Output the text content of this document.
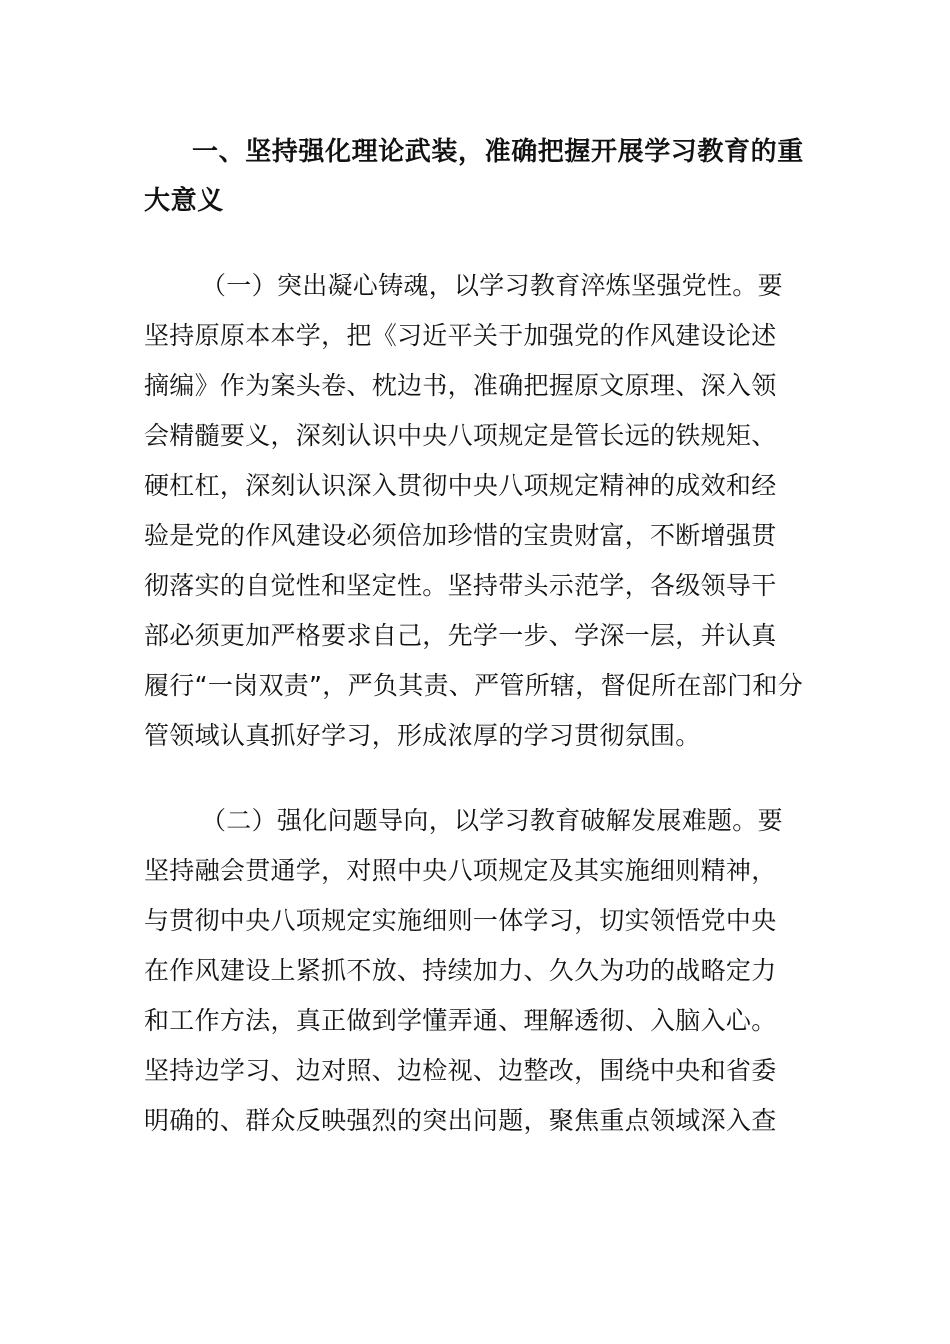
一、坚持强化理论武装，准确把握开展学习教育的重
大意义
（一）突出凝心铸魂，以学习教育淬炼坚强党性。要
坚持原原本本学，把《习近平关于加强党的作风建设论述
摘编》作为案头卷、枕边书，准确把握原文原理、深入领
会精髓要义，深刻认识中央八项规定是管长远的铁规矩、
硬杠杠，深刻认识深入贯彻中央八项规定精神的成效和经
验是党的作风建设必须倍加珍惜的宝贵财富，不断增强贯
彻落实的自觉性和坚定性。坚持带头示范学，各级领导干
部必须更加严格要求自己，先学一步、学深一层，并认真
履行“一岗双责”，严负其责、严管所辖，督促所在部门和分
管领域认真抓好学习，形成浓厚的学习贯彻氛围。
（二）强化问题导向，以学习教育破解发展难题。要
坚持融会贯通学，对照中央八项规定及其实施细则精神，
与贯彻中央八项规定实施细则一体学习，切实领悟党中央
在作风建设上紧抓不放、持续加力、久久为功的战略定力
和工作方法，真正做到学懂弄通、理解透彻、入脑入心。
坚持边学习、边对照、边检视、边整改，围绕中央和省委
明确的、群众反映强烈的突出问题，聚焦重点领域深入查
